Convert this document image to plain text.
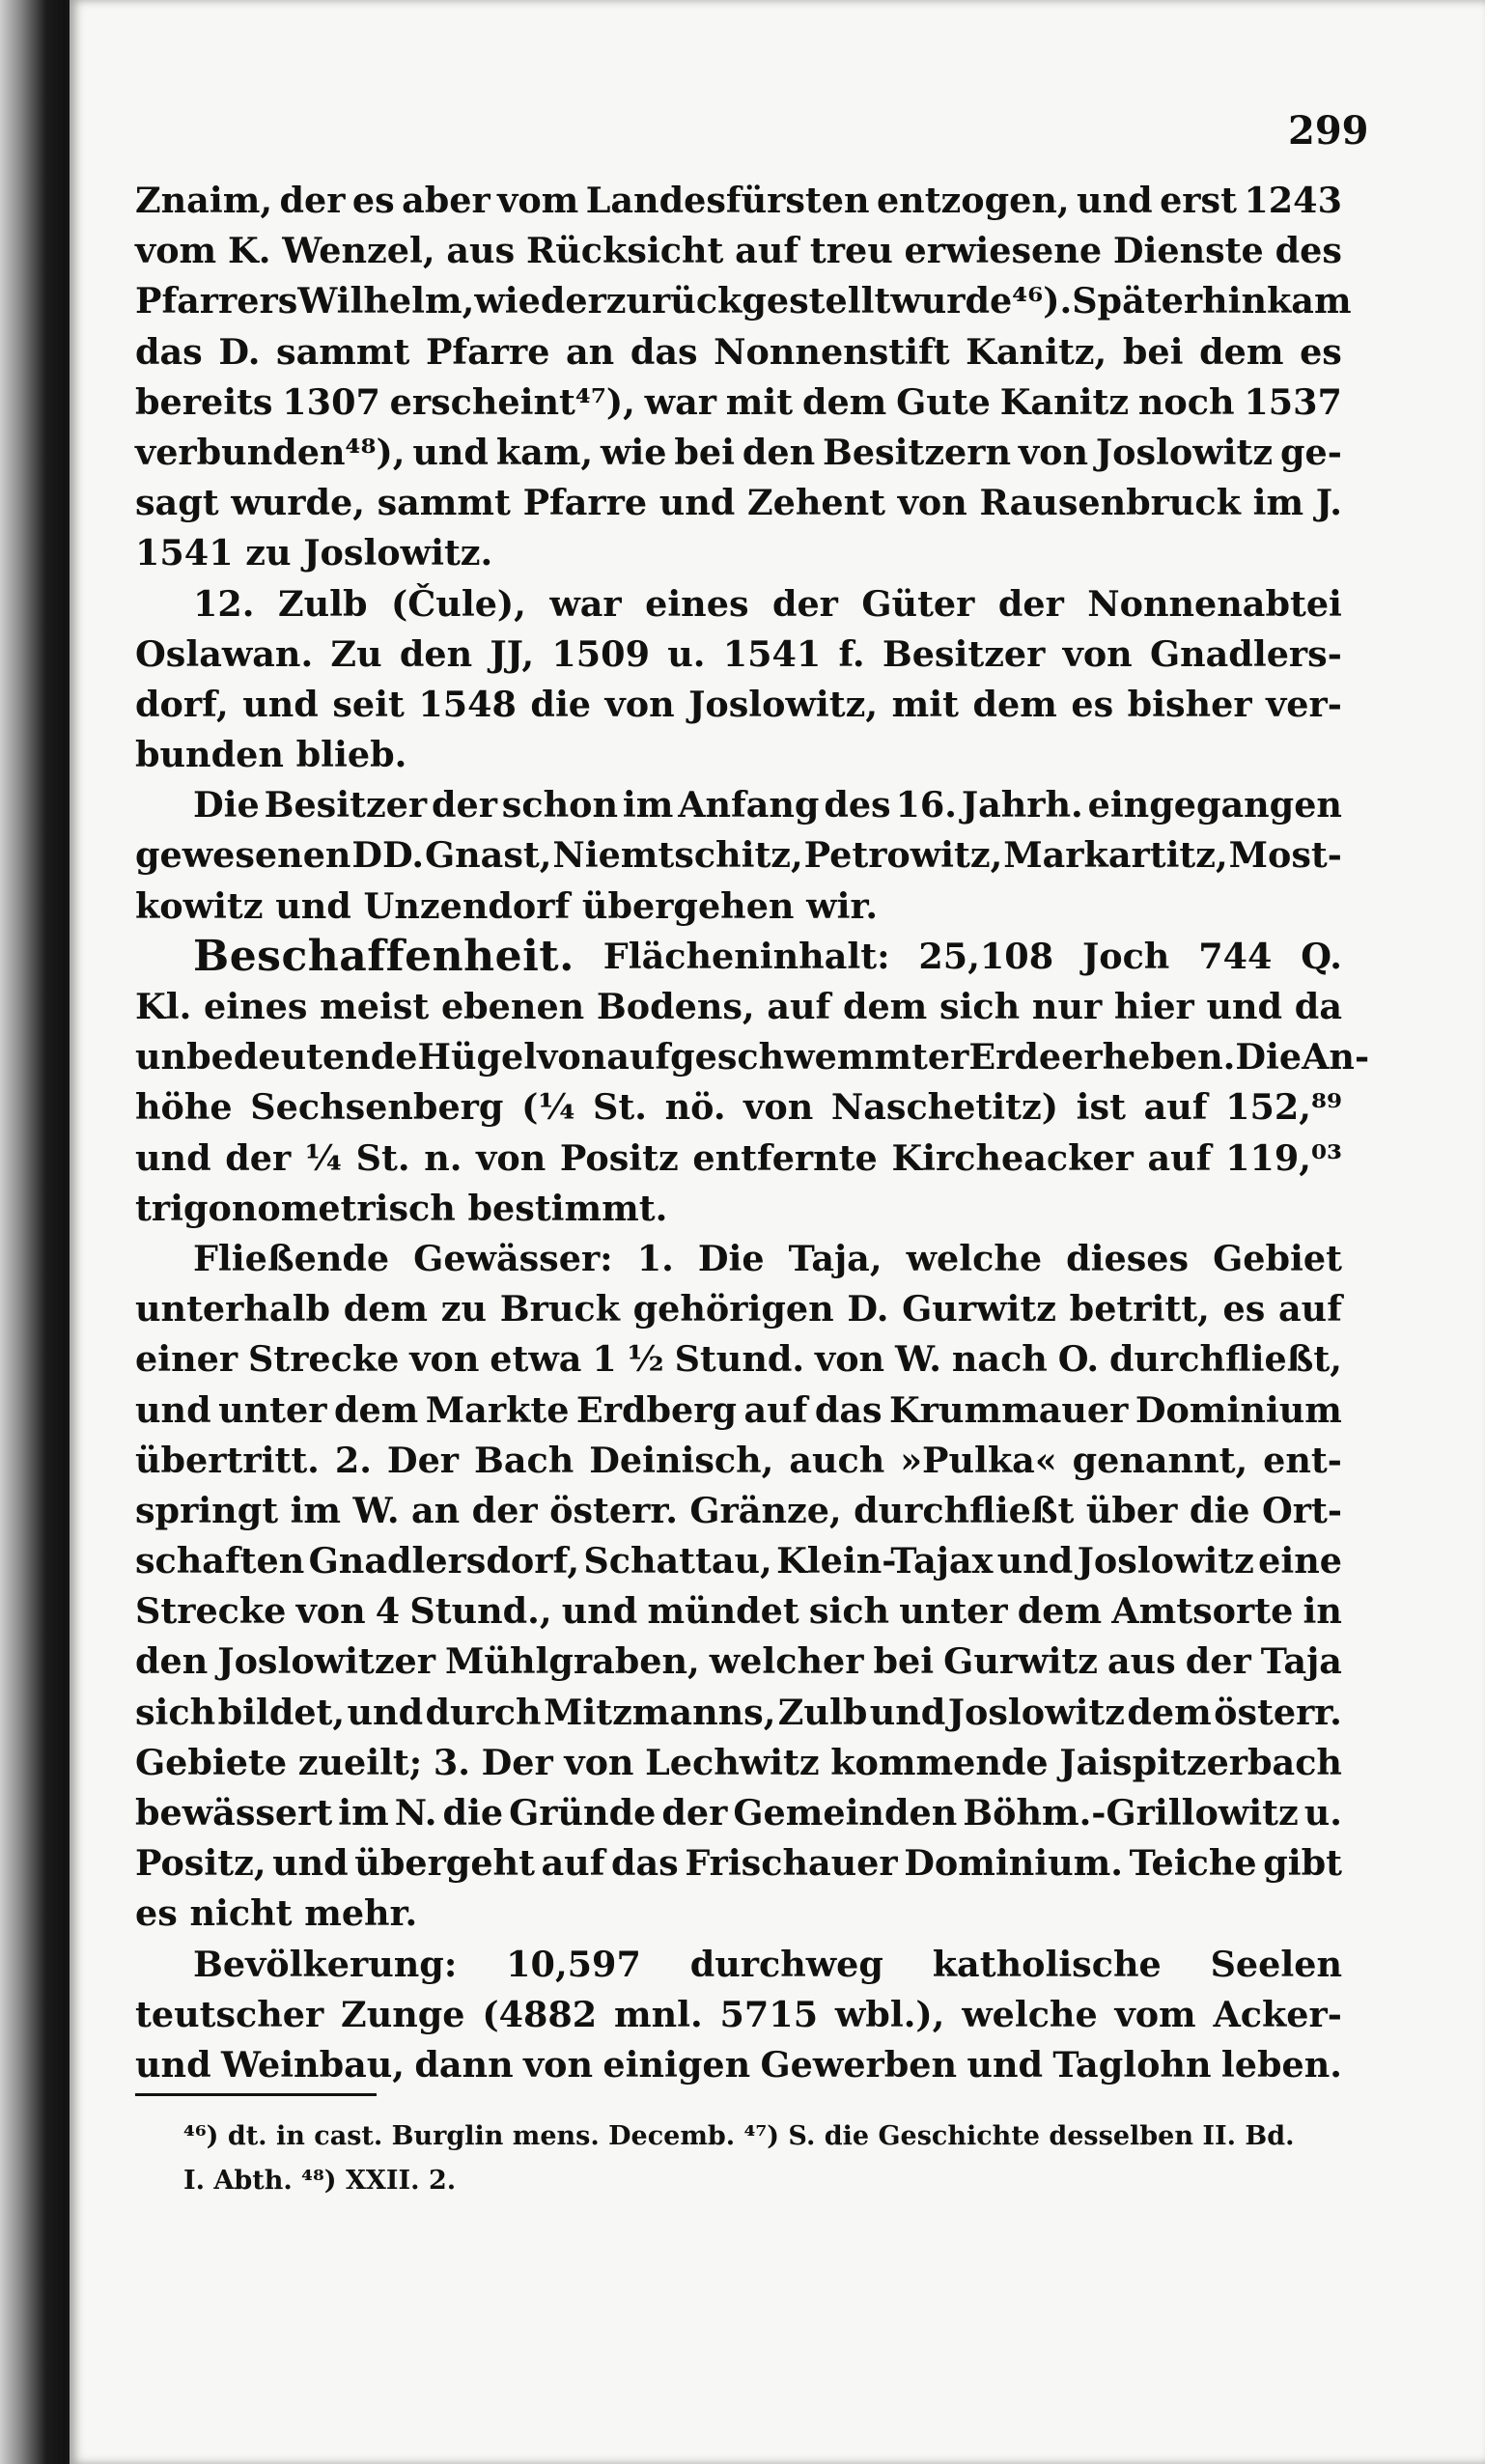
299
Znaim, der es aber vom Landesfürsten entzogen, und erst 1243
vom K. Wenzel, aus Rücksicht auf treu erwiesene Dienste des
Pfarrers Wilhelm, wieder zurückgestellt wurde⁴⁶). Späterhin kam
das D. sammt Pfarre an das Nonnenstift Kanitz, bei dem es
bereits 1307 erscheint⁴⁷), war mit dem Gute Kanitz noch 1537
verbunden⁴⁸), und kam, wie bei den Besitzern von Joslowitz ge-
sagt wurde, sammt Pfarre und Zehent von Rausenbruck im J.
1541 zu Joslowitz.
12. Zulb (Čule), war eines der Güter der Nonnenabtei
Oslawan. Zu den JJ, 1509 u. 1541 f. Besitzer von Gnadlers-
dorf, und seit 1548 die von Joslowitz, mit dem es bisher ver-
bunden blieb.
Die Besitzer der schon im Anfang des 16. Jahrh. eingegangen
gewesenen DD. Gnast, Niemtschitz, Petrowitz, Markartitz, Most-
kowitz und Unzendorf übergehen wir.
Beschaffenheit. Flächeninhalt: 25,108 Joch 744 Q.
Kl. eines meist ebenen Bodens, auf dem sich nur hier und da
unbedeutende Hügel von aufgeschwemmter Erde erheben. Die An-
höhe Sechsenberg (¼ St. nö. von Naschetitz) ist auf 152,⁸⁹
und der ¼ St. n. von Positz entfernte Kircheacker auf 119,⁰³
trigonometrisch bestimmt.
Fließende Gewässer: 1. Die Taja, welche dieses Gebiet
unterhalb dem zu Bruck gehörigen D. Gurwitz betritt, es auf
einer Strecke von etwa 1 ½ Stund. von W. nach O. durchfließt,
und unter dem Markte Erdberg auf das Krummauer Dominium
übertritt. 2. Der Bach Deinisch, auch »Pulka« genannt, ent-
springt im W. an der österr. Gränze, durchfließt über die Ort-
schaften Gnadlersdorf, Schattau, Klein-Tajax und Joslowitz eine
Strecke von 4 Stund., und mündet sich unter dem Amtsorte in
den Joslowitzer Mühlgraben, welcher bei Gurwitz aus der Taja
sich bildet, und durch Mitzmanns, Zulb und Joslowitz dem österr.
Gebiete zueilt; 3. Der von Lechwitz kommende Jaispitzerbach
bewässert im N. die Gründe der Gemeinden Böhm.-Grillowitz u.
Positz, und übergeht auf das Frischauer Dominium. Teiche gibt
es nicht mehr.
Bevölkerung: 10,597 durchweg katholische Seelen
teutscher Zunge (4882 mnl. 5715 wbl.), welche vom Acker-
und Weinbau, dann von einigen Gewerben und Taglohn leben.
⁴⁶) dt. in cast. Burglin mens. Decemb. ⁴⁷) S. die Geschichte desselben II. Bd.
I. Abth. ⁴⁸) XXII. 2.
